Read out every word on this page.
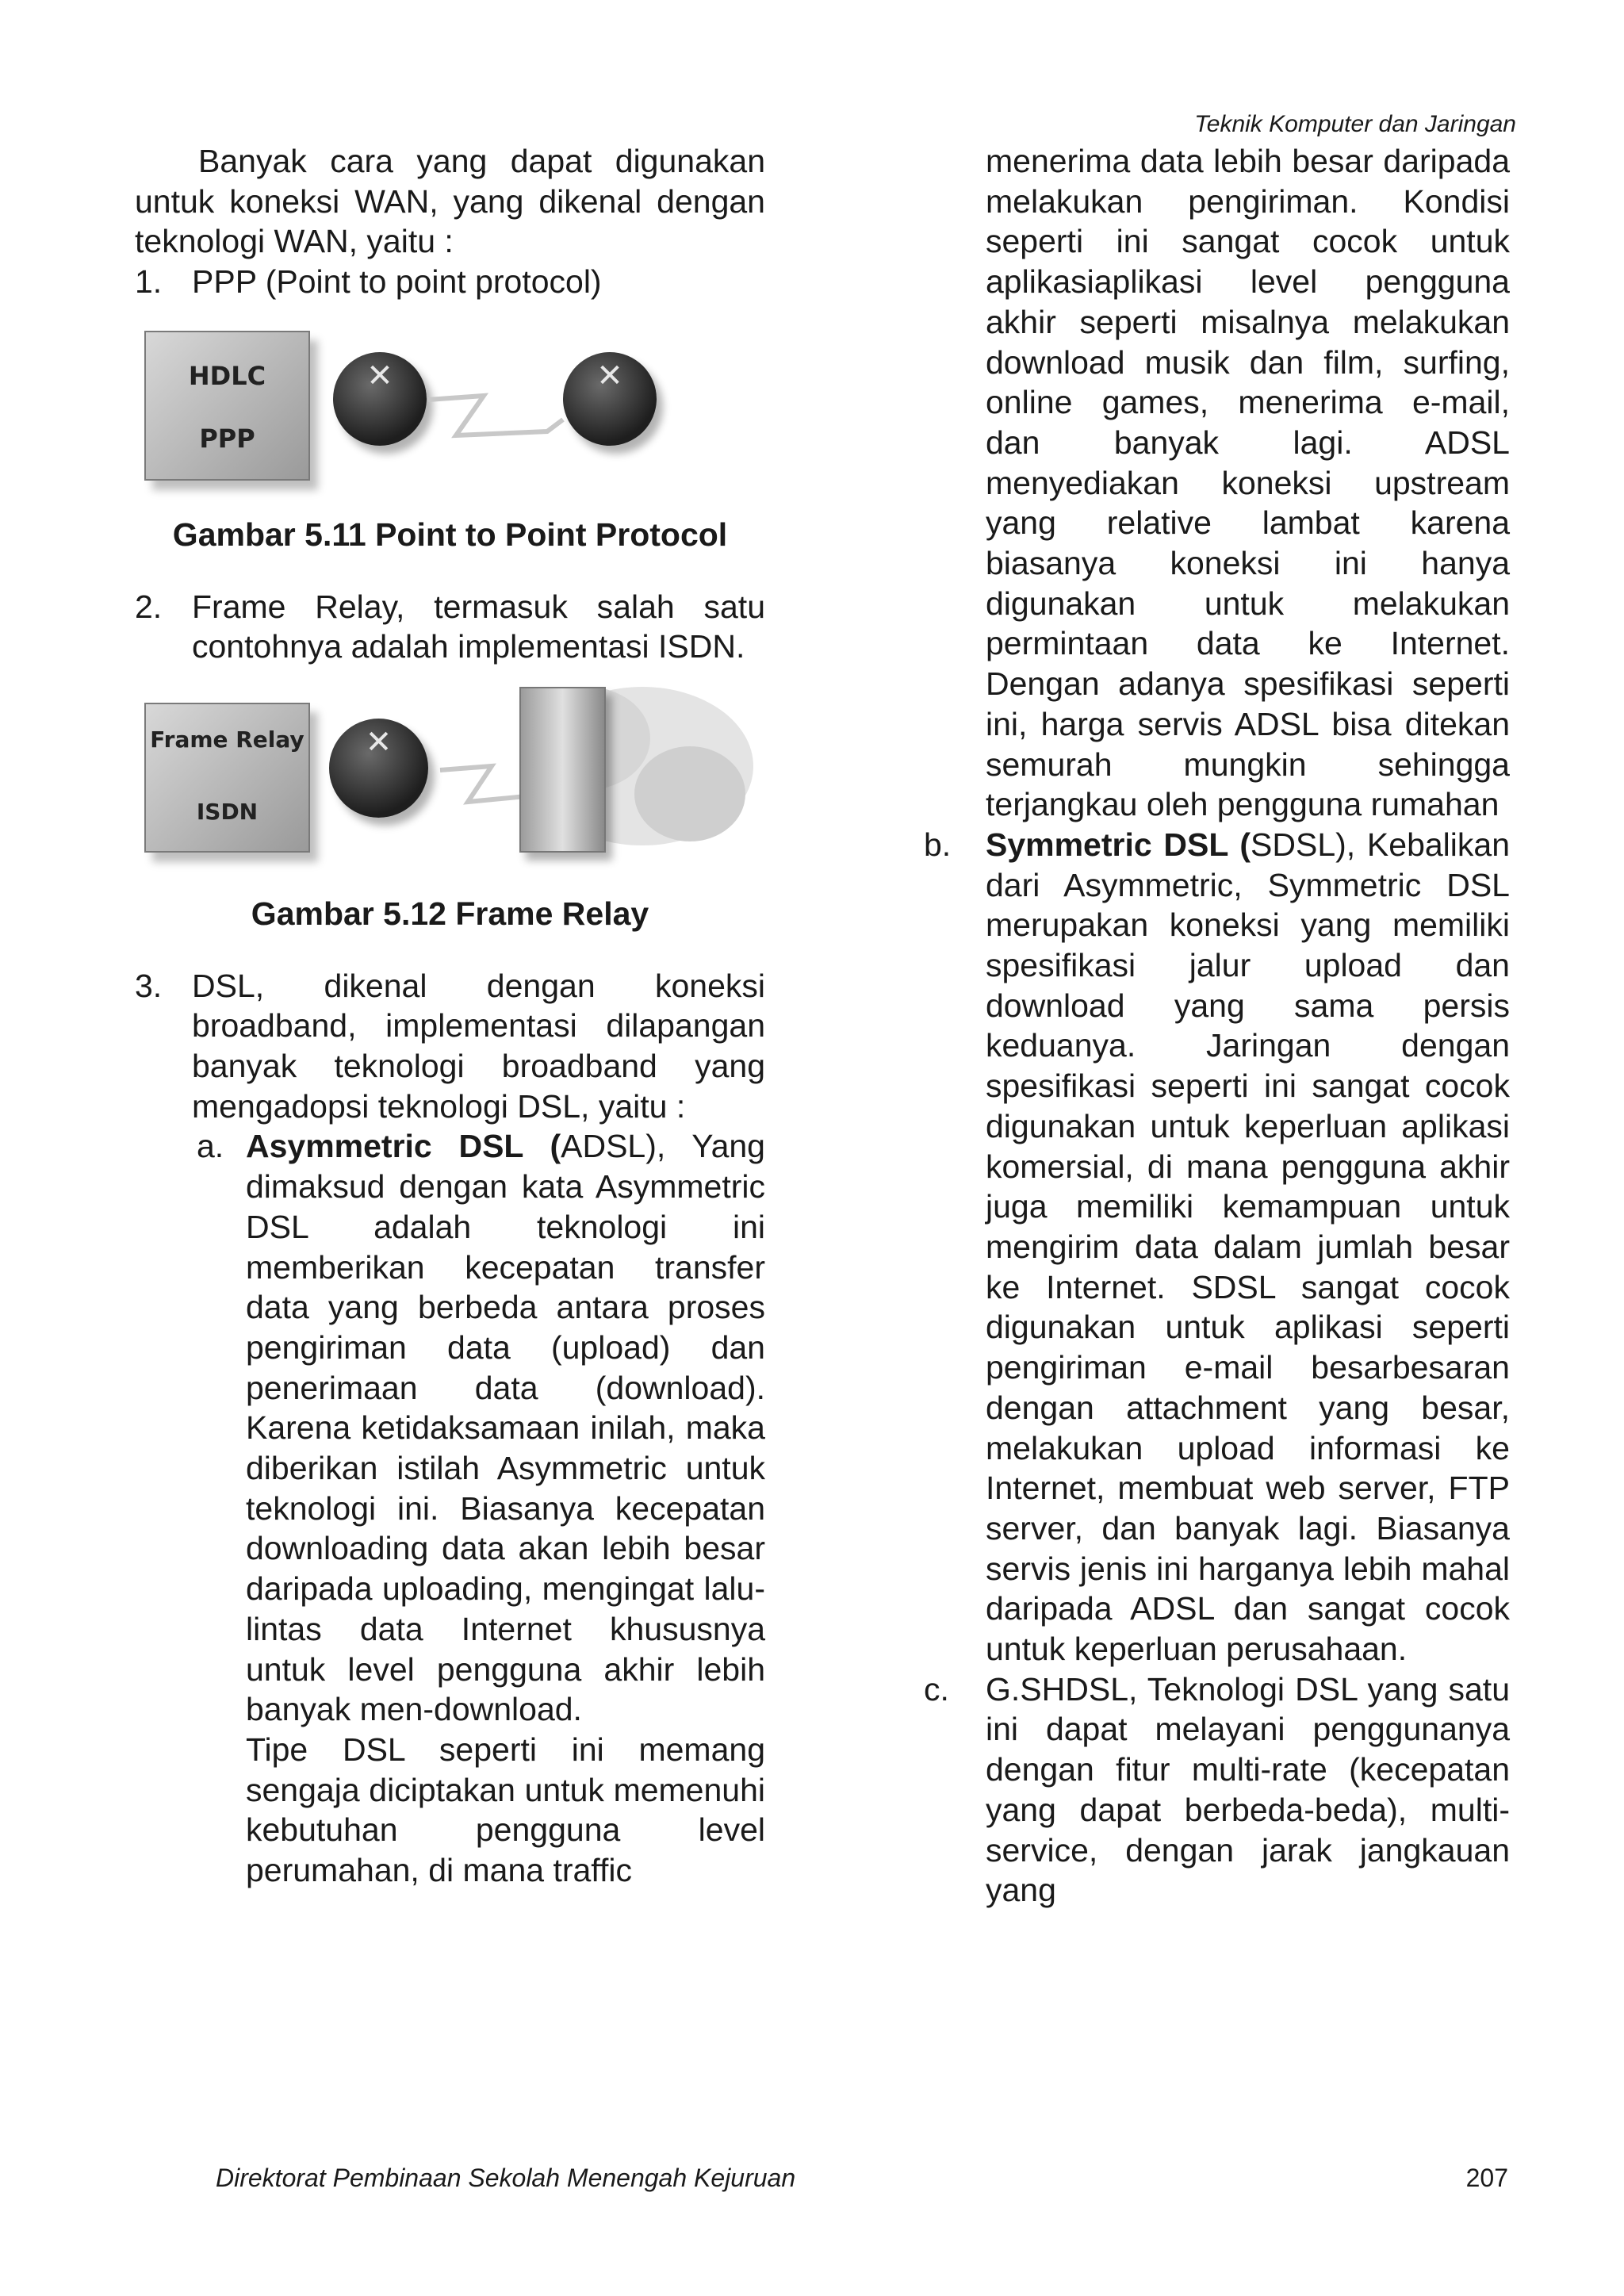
Teknik Komputer dan Jaringan

Banyak cara yang dapat digunakan untuk koneksi WAN, yang dikenal dengan teknologi WAN, yaitu :

1. PPP (Point to point protocol)
HDLC
PPP
✕	✕

Gambar 5.11 Point to Point Protocol

2. Frame Relay, termasuk salah satu contohnya adalah implementasi ISDN.
Frame Relay
ISDN
✕

Gambar 5.12 Frame Relay

3. DSL, dikenal dengan koneksi broadband, implementasi dilapangan banyak teknologi broadband yang mengadopsi teknologi DSL, yaitu :
a. Asymmetric DSL (ADSL), Yang dimaksud dengan kata Asymmetric DSL adalah teknologi ini memberikan kecepatan transfer data yang berbeda antara proses pengiriman data (upload) dan penerimaan data (download). Karena ketidaksamaan inilah, maka diberikan istilah Asymmetric untuk teknologi ini. Biasanya kecepatan downloading data akan lebih besar daripada uploading, mengingat lalu-lintas data Internet khususnya untuk level pengguna akhir lebih banyak men-download.

Tipe DSL seperti ini memang sengaja diciptakan untuk memenuhi kebutuhan pengguna level perumahan, di mana traffic

menerima data lebih besar daripada melakukan pengiriman. Kondisi seperti ini sangat cocok untuk aplikasiaplikasi level pengguna akhir seperti misalnya melakukan download musik dan film, surfing, online games, menerima e-mail, dan banyak lagi. ADSL menyediakan koneksi upstream yang relative lambat karena biasanya koneksi ini hanya digunakan untuk melakukan permintaan data ke Internet. Dengan adanya spesifikasi seperti ini, harga servis ADSL bisa ditekan semurah mungkin sehingga terjangkau oleh pengguna rumahan

b. Symmetric DSL (SDSL), Kebalikan dari Asymmetric, Symmetric DSL merupakan koneksi yang memiliki spesifikasi jalur upload dan download yang sama persis keduanya. Jaringan dengan spesifikasi seperti ini sangat cocok digunakan untuk keperluan aplikasi komersial, di mana pengguna akhir juga memiliki kemampuan untuk mengirim data dalam jumlah besar ke Internet. SDSL sangat cocok digunakan untuk aplikasi seperti pengiriman e-mail besarbesaran dengan attachment yang besar, melakukan upload informasi ke Internet, membuat web server, FTP server, dan banyak lagi. Biasanya servis jenis ini harganya lebih mahal daripada ADSL dan sangat cocok untuk keperluan perusahaan.
c. G.SHDSL, Teknologi DSL yang satu ini dapat melayani penggunanya dengan fitur multi-rate (kecepatan yang dapat berbeda-beda), multi-service, dengan jarak jangkauan yang
Direktorat Pembinaan Sekolah Menengah Kejuruan	207
